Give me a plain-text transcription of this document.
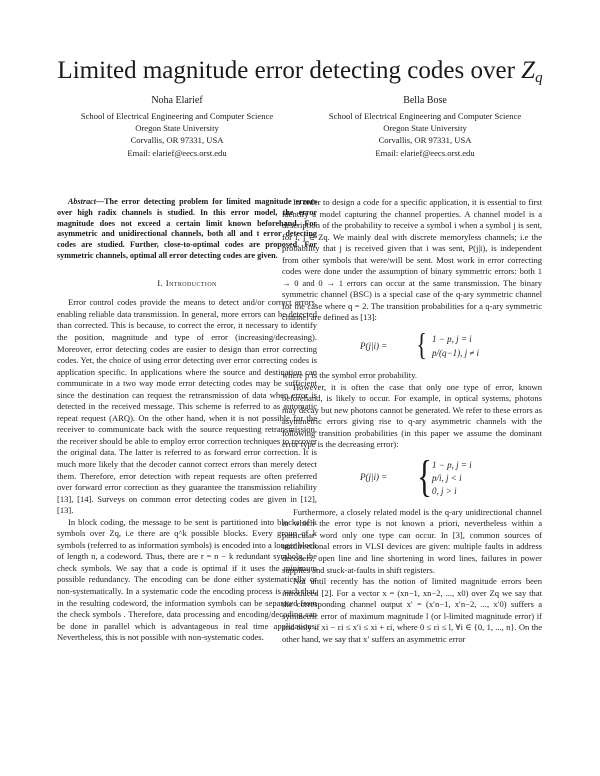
Limited magnitude error detecting codes over $Z_q$
Noha Elarief
School of Electrical Engineering and Computer Science
Oregon State University
Corvallis, OR 97331, USA
Email: elarief@eecs.orst.edu
Bella Bose
School of Electrical Engineering and Computer Science
Oregon State University
Corvallis, OR 97331, USA
Email: elarief@eecs.orst.edu

Abstract—The error detecting problem for limited magnitude errors over high radix channels is studied. In this error model, the error magnitude does not exceed a certain limit known beforehand. For asymmetric and unidirectional channels, both all and t error detecting codes are studied. Further, close-to-optimal codes are proposed. For symmetric channels, optimal all error detecting codes are given.

I. Introduction

Error control codes provide the means to detect and/or correct errors, enabling reliable data transmission. In general, more errors can be detected than corrected. This is because, to correct the error, it necessary to identify the position, magnitude and type of error (increasing/decreasing). Moreover, error detecting codes are easier to design than error correcting codes. Yet, the choice of using error detecting over error correcting codes is application specific. In applications where the source and destination can communicate in a two way mode error detecting codes may be sufficient since the destination can request the retransmission of data when error is detected in the received message. This scheme is referred to as automatic repeat request (ARQ). On the other hand, when it is not possible for the receiver to communicate back with the source requesting retransmission, the receiver should be able to employ error correction techniques to recover the original data. The latter is referred to as forward error correction. It is much more likely that the decoder cannot correct errors than merely detect them. Therefore, error detection with repeat requests are often preferred over forward error correction as they guarantee the transmission reliability [13], [14]. Surveys on common error detecting codes are given in [12], [13].

In block coding, the message to be sent is partitioned into blocks of k symbols over Zq, i.e there are q^k possible blocks. Every group of k symbols (referred to as information symbols) is encoded into a longer block of length n, a codeword. Thus, there are r = n − k redundant symbols, the check symbols. We say that a code is optimal if it uses the minimum possible redundancy. The encoding can be done either systematically or non-systematically. In a systematic code the encoding process is such that, in the resulting codeword, the information symbols can be separated from the check symbols . Therefore, data processing and encoding/decoding can be done in parallel which is advantageous in real time applications. Nevertheless, this is not possible with non-systematic codes.

In order to design a code for a specific application, it is essential to first identify a model capturing the channel properties. A channel model is a description of the probability to receive a symbol i when a symbol j is sent, for i, j ∈ Zq. We mainly deal with discrete memoryless channels; i.e the probability that j is received given that i was sent, P(j|i), is independent from other symbols that were/will be sent. Most work in error correcting codes were done under the assumption of binary symmetric errors: both 1 → 0 and 0 → 1 errors can occur at the same transmission. The binary symmetric channel (BSC) is a special case of the q-ary symmetric channel for the case where q = 2. The transition probabilities for a q-ary symmetric channel are defined as [13]:

P(j|i) = { 1 − p, j = i
p/(q−1), j ≠ i

where p is the symbol error probability.

However, it is often the case that only one type of error, known beforehand, is likely to occur. For example, in optical systems, photons may decay but new photons cannot be generated. We refer to these errors as asymmetric errors giving rise to q-ary asymmetric channels with the following transition probabilities (in this paper we assume the dominant error type is the decreasing error):

P(j|i) = { 1 − p, j = i
p/i, j < i
0, j > i

Furthermore, a closely related model is the q-ary unidirectional channel in which the error type is not known a priori, nevertheless within a particular word only one type can occur. In [3], common sources of unidirectional errors in VLSI devices are given: multiple faults in address decoders, open line and line shortening in word lines, failures in power supplies and stuck-at-faults in shift registers.

Not until recently has the notion of limited magnitude errors been introduced [2]. For a vector x = (xn−1, xn−2, ..., x0) over Zq we say that the corresponding channel output x′ = (x′n−1, x′n−2, ..., x′0) suffers a symmetric error of maximum magnitude l (or l-limited magnitude error) if and only if xi − εi ≤ x′i ≤ xi + εi, where 0 ≤ εi ≤ l, ∀i ∈ {0, 1, ..., n}. On the other hand, we say that x′ suffers an asymmetric error
